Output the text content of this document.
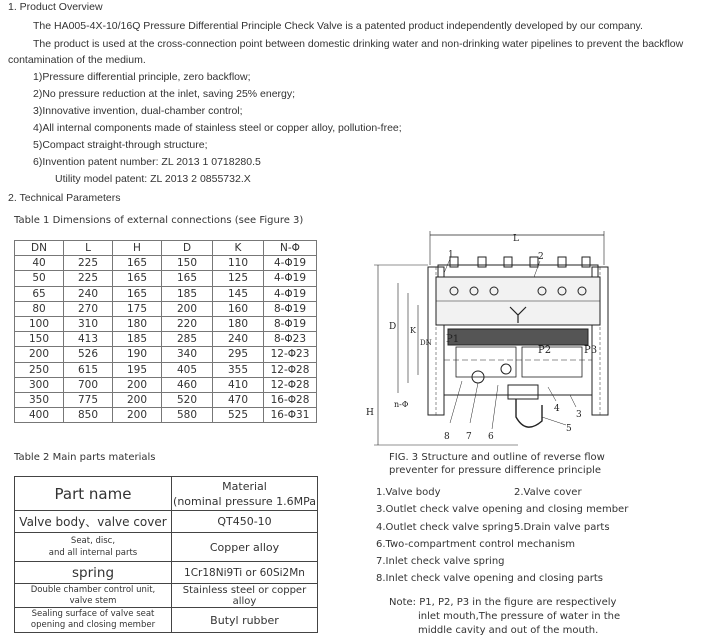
1. Product Overview
The HA005-4X-10/16Q Pressure Differential Principle Check Valve is a patented product independently developed by our company.
The product is used at the cross-connection point between domestic drinking water and non-drinking water pipelines to prevent the backflow
contamination of the medium.
1)Pressure differential principle, zero backflow;
2)No pressure reduction at the inlet, saving 25% energy;
3)Innovative invention, dual-chamber control;
4)All internal components made of stainless steel or copper alloy, pollution-free;
5)Compact straight-through structure;
6)Invention patent number: ZL 2013 1 0718280.5
Utility model patent: ZL 2013 2 0855732.X
2. Technical Parameters
Table 1 Dimensions of external connections (see Figure 3)
DN	L	H	D	K	N-Φ
40	225	165	150	110	4-Φ19
50	225	165	165	125	4-Φ19
65	240	165	185	145	4-Φ19
80	270	175	200	160	8-Φ19
100	310	180	220	180	8-Φ19
150	413	185	285	240	8-Φ23
200	526	190	340	295	12-Φ23
250	615	195	405	355	12-Φ28
300	700	200	460	410	12-Φ28
350	775	200	520	470	16-Φ28
400	850	200	580	525	16-Φ31
Table 2 Main parts materials
Part name	Material
(nominal pressure 1.6MPa

Valve body、valve cover	QT450-10

Seat, disc,
and all internal parts	Copper alloy
spring	1Cr18Ni9Ti or 60Si2Mn

Double chamber control unit,
valve stem	Stainless steel or copper alloy

Sealing surface of valve seat
opening and closing member	Butyl rubber
L
H
D K
DN
n-Φ
P1
P2	P3
1	2
3
4
5
6
7
8
FIG. 3 Structure and outline of reverse flow
preventer for pressure difference principle
1.Valve body	2.Valve cover
3.Outlet check valve opening and closing member
4.Outlet check valve spring 5.Drain valve parts
6.Two-compartment control mechanism
7.Inlet check valve spring
8.Inlet check valve opening and closing parts
Note: P1, P2, P3 in the figure are respectively
inlet mouth,The pressure of water in the
middle cavity and out of the mouth.
